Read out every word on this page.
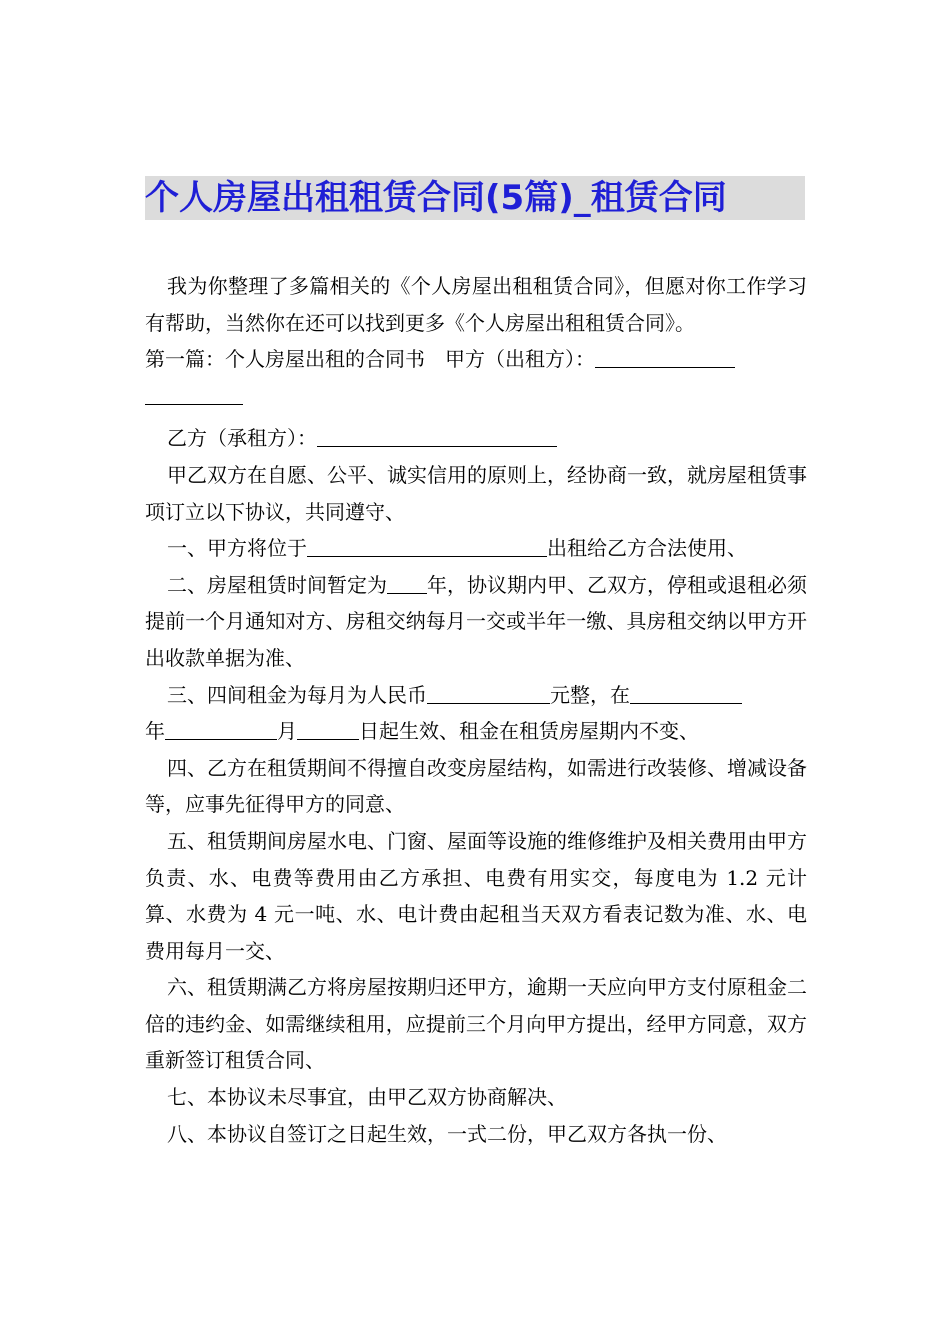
个人房屋出租租赁合同(5篇)_租赁合同

我为你整理了多篇相关的《个人房屋出租租赁合同》，但愿对你工作学习有帮助，当然你在还可以找到更多《个人房屋出租租赁合同》。

第一篇：个人房屋出租的合同书　甲方（出租方）：

乙方（承租方）：

甲乙双方在自愿、公平、诚实信用的原则上，经协商一致，就房屋租赁事项订立以下协议，共同遵守、

一、甲方将位于	出租给乙方合法使用、

二、房屋租赁时间暂定为 年，协议期内甲、乙双方，停租或退租必须提前一个月通知对方、房租交纳每月一交或半年一缴、具房租交纳以甲方开出收款单据为准、

三、四间租金为每月为人民币	元整，在
年	月	日起生效、租金在租赁房屋期内不变、

四、乙方在租赁期间不得擅自改变房屋结构，如需进行改装修、增减设备等，应事先征得甲方的同意、

五、租赁期间房屋水电、门窗、屋面等设施的维修维护及相关费用由甲方负责、水、电费等费用由乙方承担、电费有用实交，每度电为 1.2 元计算、水费为 4 元一吨、水、电计费由起租当天双方看表记数为准、水、电费用每月一交、

六、租赁期满乙方将房屋按期归还甲方，逾期一天应向甲方支付原租金二倍的违约金、如需继续租用，应提前三个月向甲方提出，经甲方同意，双方重新签订租赁合同、

七、本协议未尽事宜，由甲乙双方协商解决、

八、本协议自签订之日起生效，一式二份，甲乙双方各执一份、
